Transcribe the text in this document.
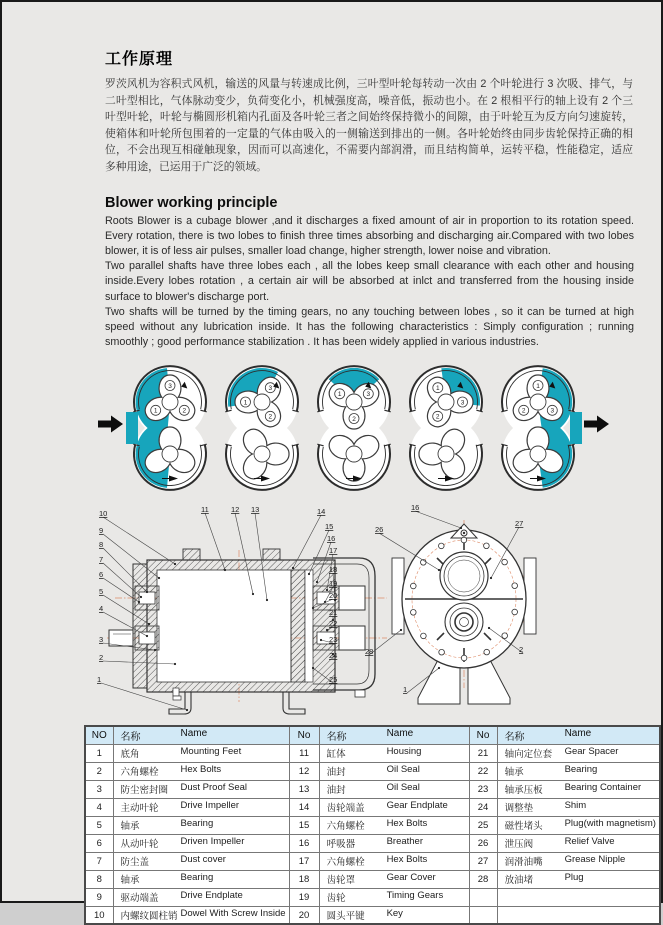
工作原理
罗茨风机为容积式风机，输送的风量与转速成比例，三叶型叶轮每转动一次由 2 个叶轮进行 3 次吸、排气，与二叶型相比，气体脉动变少，负荷变化小，机械强度高，噪音低，振动也小。在 2 根相平行的轴上设有 2 个三叶型叶轮，叶轮与椭圆形机箱内孔面及各叶轮三者之间始终保持微小的间隙，由于叶轮互为反方向匀速旋转，使箱体和叶轮所包围着的一定量的气体由吸入的一侧输送到排出的一侧。各叶轮始终由同步齿轮保持正确的相位，不会出现互相碰触现象，因而可以高速化，不需要内部润滑，而且结构简单，运转平稳，性能稳定，适应多种用途，已运用于广泛的领域。
Blower working principle
Roots Blower is a cubage blower ,and it discharges a fixed amount of air in proportion to its rotation speed. Every rotation, there is two lobes to finish three times absorbing and discharging air.Compared with two lobes blower, it is of less air pulses, smaller load change, higher strength, lower noise and vibration.
Two parallel shafts have three lobes each , all the lobes keep small clearance with each other and housing inside.Every lobes rotation , a certain air will be absorbed at inlct and transferred from the housing inside surface to blower's discharge port.
Two shafts will be turned by the timing gears, no any touching between lobes , so it can be turned at high speed without any lubrication inside. It has the following characteristics : Simply configuration ; running smoothly ; good performance stabilization . It has been widely applied in various industries.
3
1	2
3
1
2
3
1
2
3
1
2
3
1
2
1
2
3
4
5
6
7
8
9
10	11	12 13	14
15
16
17
18
19
20
21
22
23
24
25
1
2
16
26
27
28
NO	名称 Name	No	名称 Name	No	名称 Name
1	底角 Mounting Feet	11	缸体 Housing	21	轴向定位套 Gear Spacer
2	六角螺栓 Hex Bolts	12	油封 Oil Seal	22	轴承 Bearing
3	防尘密封圈 Dust Proof Seal	13	油封 Oil Seal	23	轴承压板 Bearing Container
4	主动叶轮 Drive Impeller	14	齿轮端盖 Gear Endplate	24	调整垫 Shim
5	轴承 Bearing	15	六角螺栓 Hex Bolts	25	磁性堵头 Plug(with magnetism)
6	从动叶轮 Driven Impeller	16	呼吸器 Breather	26	泄压阀 Relief Valve
7	防尘盖 Dust cover	17	六角螺栓 Hex Bolts	27	润滑油嘴 Grease Nipple
8	轴承 Bearing	18	齿轮罩 Gear Cover	28	放油堵 Plug
9	驱动端盖 Drive Endplate	19	齿轮 Timing Gears		
10	内螺纹圆柱销 Dowel With Screw Inside	20	圆头平键 Key		
